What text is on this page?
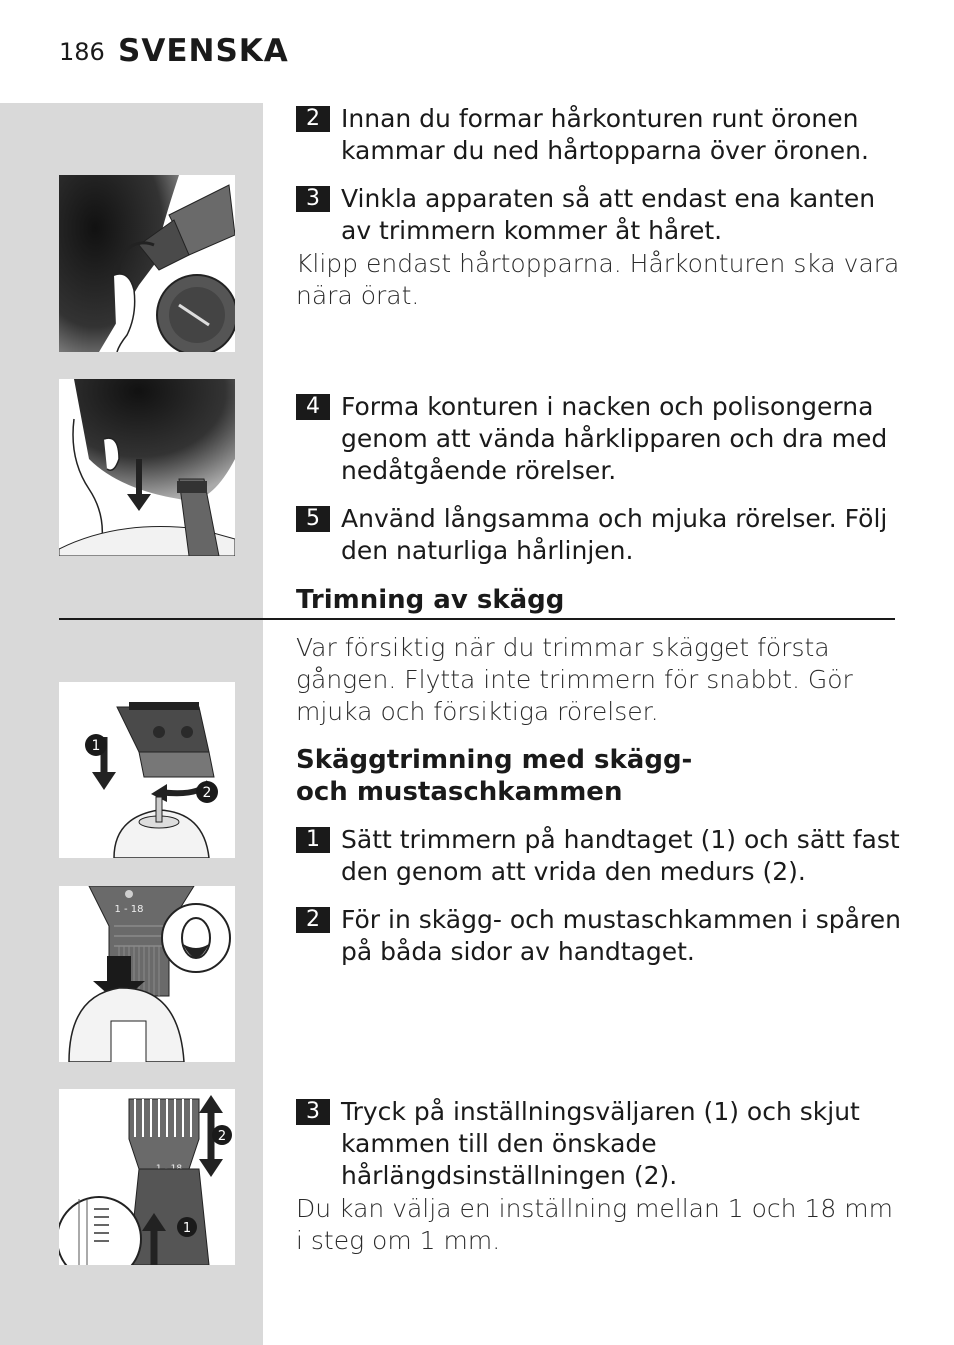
186 SVENSKA
1
2
1 - 18
2
1
2 Innan du formar hårkonturen runt öronen kammar du ned hårtopparna över öronen.
3 Vinkla apparaten så att endast ena kanten av trimmern kommer åt håret.
Klipp endast hårtopparna. Hårkonturen ska vara nära örat.
4 Forma konturen i nacken och polisongerna genom att vända hårklipparen och dra med nedåtgående rörelser.
5 Använd långsamma och mjuka rörelser. Följ den naturliga hårlinjen.
Trimning av skägg
Var försiktig när du trimmar skägget första gången. Flytta inte trimmern för snabbt. Gör mjuka och försiktiga rörelser.
Skäggtrimning med skägg- och mustaschkammen
1 Sätt trimmern på handtaget (1) och sätt fast den genom att vrida den medurs (2).
2 För in skägg- och mustaschkammen i spåren på båda sidor av handtaget.
3 Tryck på inställningsväljaren (1) och skjut kammen till den önskade hårlängdsinställningen (2).
Du kan välja en inställning mellan 1 och 18 mm i steg om 1 mm.
